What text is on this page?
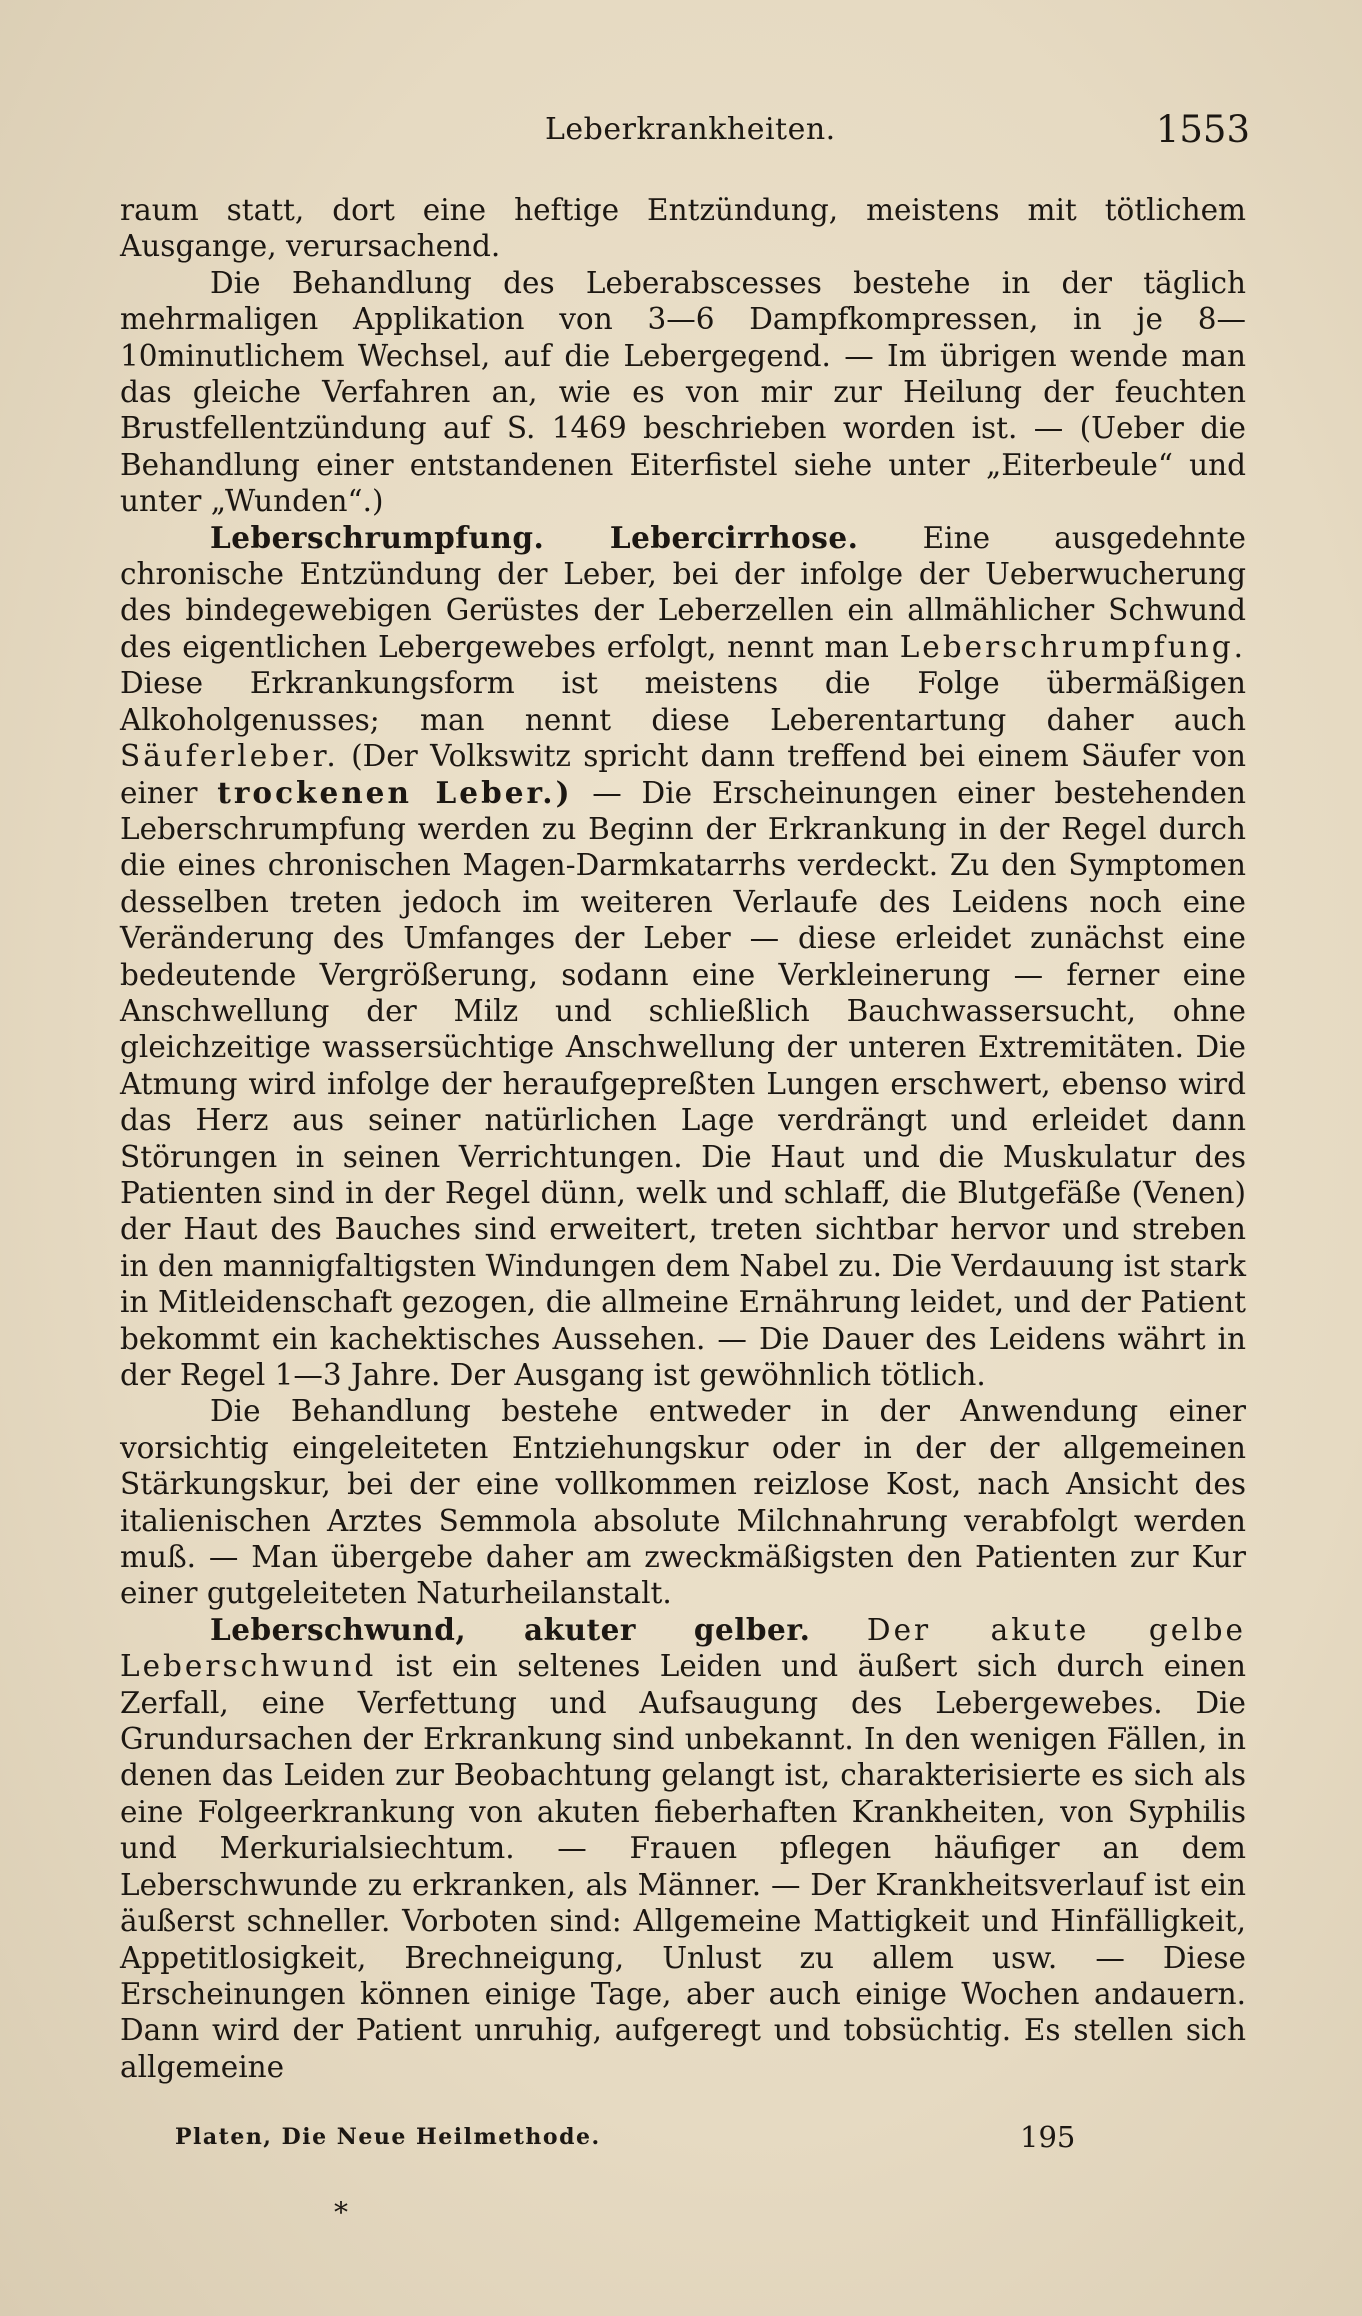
Leberkrankheiten.	1553

raum statt, dort eine heftige Entzündung, meistens mit tötlichem Ausgange, verursachend.

Die Behandlung des Leberabscesses bestehe in der täglich mehrmaligen Applikation von 3—6 Dampfkompressen, in je 8—10minutlichem Wechsel, auf die Lebergegend. — Im übrigen wende man das gleiche Verfahren an, wie es von mir zur Heilung der feuchten Brustfellentzündung auf S. 1469 beschrieben worden ist. — (Ueber die Behandlung einer entstandenen Eiterfistel siehe unter „Eiterbeule“ und unter „Wunden“.)

Leberschrumpfung. Lebercirrhose. Eine ausgedehnte chronische Entzündung der Leber, bei der infolge der Ueberwucherung des bindegewebigen Gerüstes der Leberzellen ein allmählicher Schwund des eigentlichen Lebergewebes erfolgt, nennt man Leberschrumpfung. Diese Erkrankungsform ist meistens die Folge übermäßigen Alkoholgenusses; man nennt diese Leberentartung daher auch Säuferleber. (Der Volkswitz spricht dann treffend bei einem Säufer von einer trockenen Leber.) — Die Erscheinungen einer bestehenden Leberschrumpfung werden zu Beginn der Erkrankung in der Regel durch die eines chronischen Magen-Darmkatarrhs verdeckt. Zu den Symptomen desselben treten jedoch im weiteren Verlaufe des Leidens noch eine Veränderung des Umfanges der Leber — diese erleidet zunächst eine bedeutende Vergrößerung, sodann eine Verkleinerung — ferner eine Anschwellung der Milz und schließlich Bauchwassersucht, ohne gleichzeitige wassersüchtige Anschwellung der unteren Extremitäten. Die Atmung wird infolge der heraufgepreßten Lungen erschwert, ebenso wird das Herz aus seiner natürlichen Lage verdrängt und erleidet dann Störungen in seinen Verrichtungen. Die Haut und die Muskulatur des Patienten sind in der Regel dünn, welk und schlaff, die Blutgefäße (Venen) der Haut des Bauches sind erweitert, treten sichtbar hervor und streben in den mannigfaltigsten Windungen dem Nabel zu. Die Verdauung ist stark in Mitleidenschaft gezogen, die allmeine Ernährung leidet, und der Patient bekommt ein kachektisches Aussehen. — Die Dauer des Leidens währt in der Regel 1—3 Jahre. Der Ausgang ist gewöhnlich tötlich.

Die Behandlung bestehe entweder in der Anwendung einer vorsichtig eingeleiteten Entziehungskur oder in der der allgemeinen Stärkungskur, bei der eine vollkommen reizlose Kost, nach Ansicht des italienischen Arztes Semmola absolute Milchnahrung verabfolgt werden muß. — Man übergebe daher am zweckmäßigsten den Patienten zur Kur einer gutgeleiteten Naturheilanstalt.

Leberschwund, akuter gelber. Der akute gelbe Leberschwund ist ein seltenes Leiden und äußert sich durch einen Zerfall, eine Verfettung und Aufsaugung des Lebergewebes. Die Grundursachen der Erkrankung sind unbekannt. In den wenigen Fällen, in denen das Leiden zur Beobachtung gelangt ist, charakterisierte es sich als eine Folgeerkrankung von akuten fieberhaften Krankheiten, von Syphilis und Merkurialsiechtum. — Frauen pflegen häufiger an dem Leberschwunde zu erkranken, als Männer. — Der Krankheitsverlauf ist ein äußerst schneller. Vorboten sind: Allgemeine Mattigkeit und Hinfälligkeit, Appetitlosigkeit, Brechneigung, Unlust zu allem usw. — Diese Erscheinungen können einige Tage, aber auch einige Wochen andauern. Dann wird der Patient unruhig, aufgeregt und tobsüchtig. Es stellen sich allgemeine

Platen, Die Neue Heilmethode.	195
*
